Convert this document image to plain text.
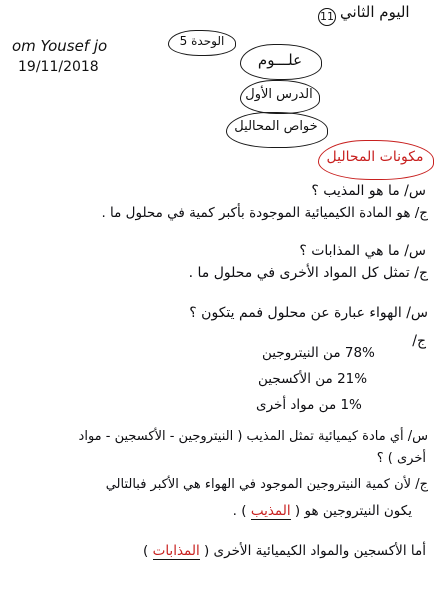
11 اليوم الثاني
om Yousef jo
19/11/2018
الوحدة 5
علـــوم
الدرس الأول
خواص المحاليل
مكونات المحاليل
س/ ما هو المذيب ؟
ج/ هو المادة الكيميائية الموجودة بأكبر كمية في محلول ما .
س/ ما هي المذابات ؟
ج/ تمثل كل المواد الأخرى في محلول ما .
س/ الهواء عبارة عن محلول فمم يتكون ؟
ج/
78% من النيتروجين
21% من الأكسجين
1% من مواد أخرى
س/ أي مادة كيميائية تمثل المذيب ( النيتروجين - الأكسجين - مواد
أخرى ) ؟
ج/ لأن كمية النيتروجين الموجود في الهواء هي الأكبر فبالتالي
يكون النيتروجين هو ( المذيب ) .
أما الأكسجين والمواد الكيميائية الأخرى ( المذابات )
